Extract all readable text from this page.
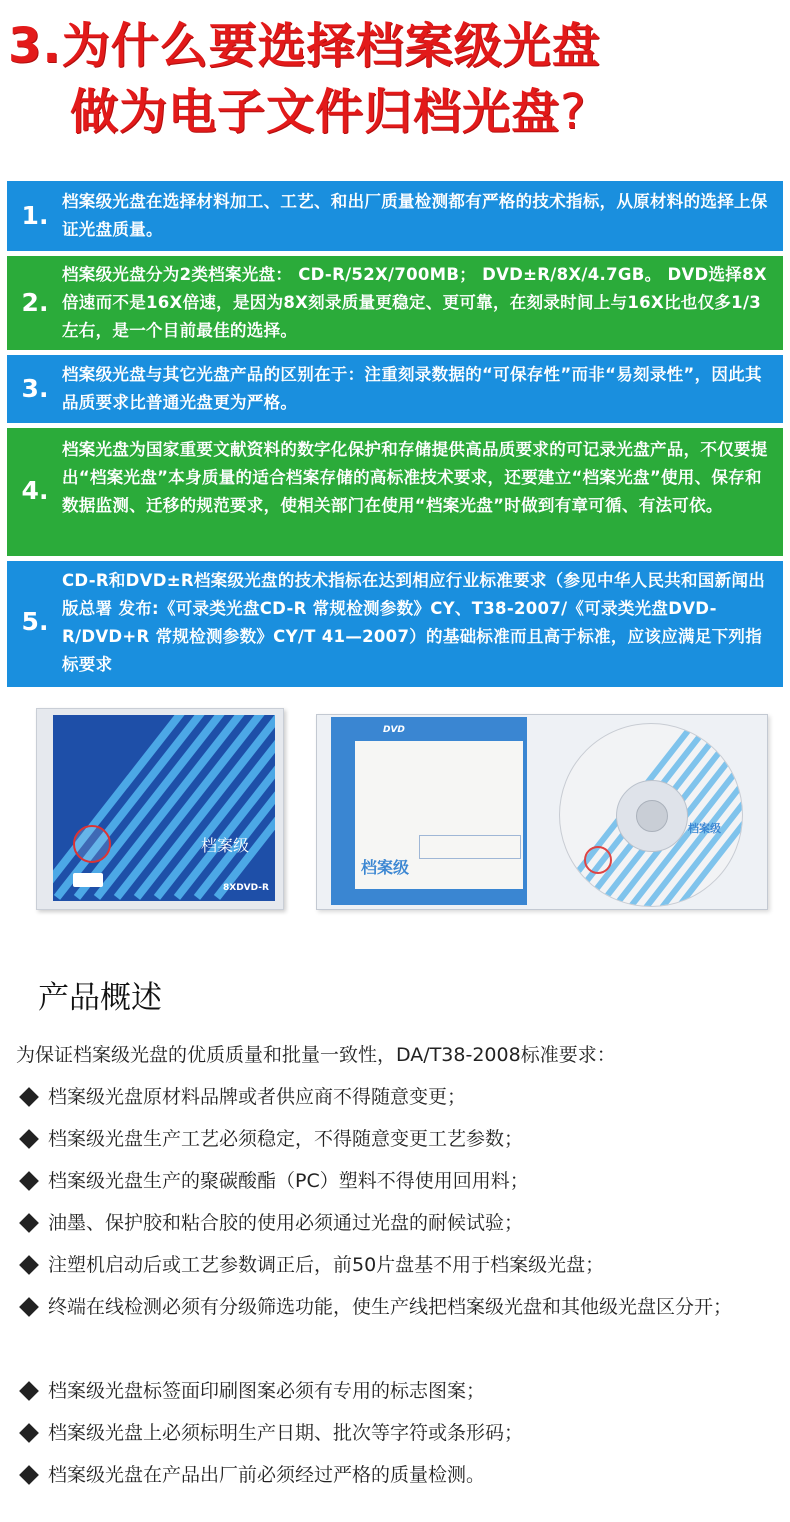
3.为什么要选择档案级光盘
做为电子文件归档光盘?
1. 档案级光盘在选择材料加工、工艺、和出厂质量检测都有严格的技术指标，从原材料的选择上保证光盘质量。
2.
档案级光盘分为2类档案光盘： CD-R/52X/700MB； DVD±R/8X/4.7GB。 DVD选择8X倍速而不是16X倍速，是因为8X刻录质量更稳定、更可靠，在刻录时间上与16X比也仅多1/3左右，是一个目前最佳的选择。
3. 档案级光盘与其它光盘产品的区别在于：注重刻录数据的“可保存性”而非“易刻录性”，因此其品质要求比普通光盘更为严格。
4.
档案光盘为国家重要文献资料的数字化保护和存储提供高品质要求的可记录光盘产品，不仅要提出“档案光盘”本身质量的适合档案存储的高标准技术要求，还要建立“档案光盘”使用、保存和数据监测、迁移的规范要求，使相关部门在使用“档案光盘”时做到有章可循、有法可依。
5.
CD-R和DVD±R档案级光盘的技术指标在达到相应行业标准要求（参见中华人民共和国新闻出版总署 发布:《可录类光盘CD-R 常规检测参数》CY、T38-2007/《可录类光盘DVD-R/DVD+R 常规检测参数》CY/T 41—2007）的基础标准而且高于标准，应该应满足下列指标要求
档案级
8XDVD-R
DVD
档案级
档案级
产品概述
为保证档案级光盘的优质质量和批量一致性，DA/T38-2008标准要求：
档案级光盘原材料品牌或者供应商不得随意变更；
档案级光盘生产工艺必须稳定，不得随意变更工艺参数；
档案级光盘生产的聚碳酸酯（PC）塑料不得使用回用料；
油墨、保护胶和粘合胶的使用必须通过光盘的耐候试验；
注塑机启动后或工艺参数调正后，前50片盘基不用于档案级光盘；
终端在线检测必须有分级筛选功能，使生产线把档案级光盘和其他级光盘区分开；
档案级光盘标签面印刷图案必须有专用的标志图案；
档案级光盘上必须标明生产日期、批次等字符或条形码；
档案级光盘在产品出厂前必须经过严格的质量检测。
